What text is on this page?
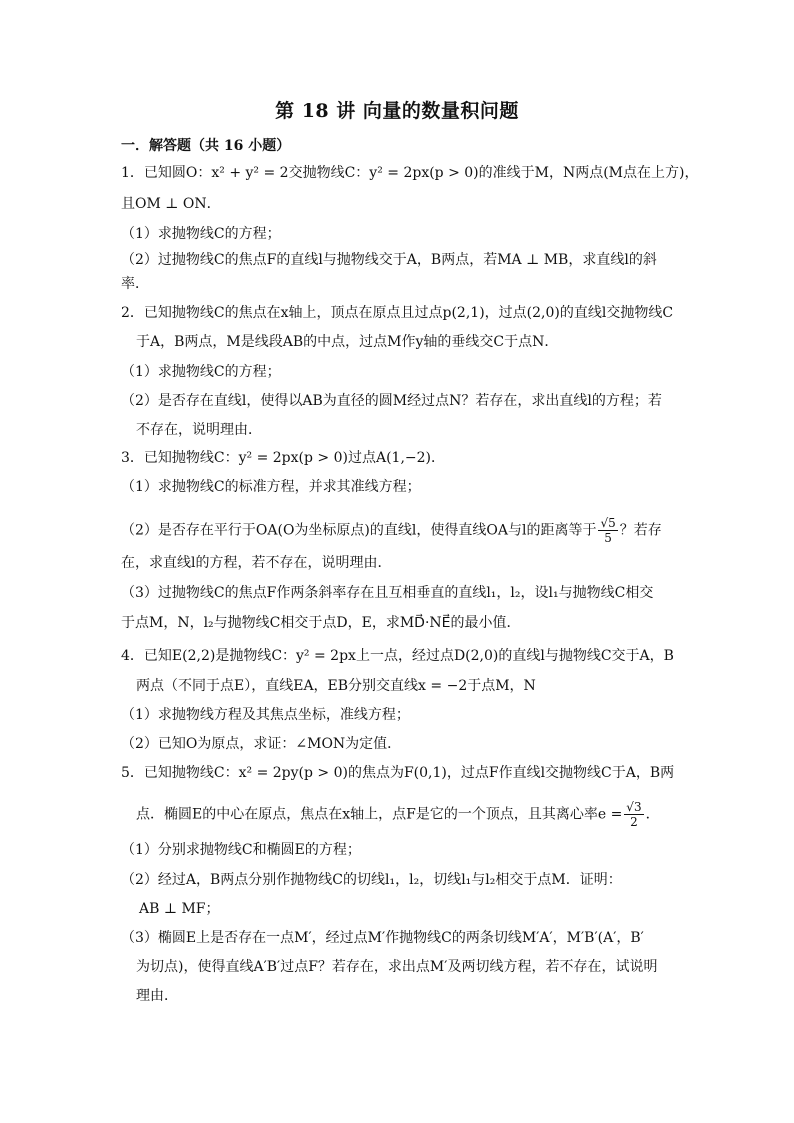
第 18 讲 向量的数量积问题
一．解答题（共 16 小题）
1．已知圆O：x² + y² = 2交抛物线C：y² = 2px(p > 0)的准线于M，N两点(M点在上方)，
且OM ⊥ ON．
（1）求抛物线C的方程；
（2）过抛物线C的焦点F的直线l与抛物线交于A，B两点，若MA ⊥ MB，求直线l的斜
率．
2．已知抛物线C的焦点在x轴上，顶点在原点且过点p(2,1)，过点(2,0)的直线l交抛物线C
于A，B两点，M是线段AB的中点，过点M作y轴的垂线交C于点N．
（1）求抛物线C的方程；
（2）是否存在直线l，使得以AB为直径的圆M经过点N？若存在，求出直线l的方程；若
不存在，说明理由．
3．已知抛物线C：y² = 2px(p > 0)过点A(1,−2)．
（1）求抛物线C的标准方程，并求其准线方程；
（2）是否存在平行于OA(O为坐标原点)的直线l，使得直线OA与l的距离等于 $\frac{√5}{5}$ ？若存
在，求直线l的方程，若不存在，说明理由．
（3）过抛物线C的焦点F作两条斜率存在且互相垂直的直线l₁，l₂，设l₁与抛物线C相交
于点M，N，l₂与抛物线C相交于点D，E，求MD⃗·NE⃗的最小值．
4．已知E(2,2)是抛物线C：y² = 2px上一点，经过点D(2,0)的直线l与抛物线C交于A，B
两点（不同于点E），直线EA，EB分别交直线x = −2于点M，N
（1）求抛物线方程及其焦点坐标，准线方程；
（2）已知O为原点，求证：∠MON为定值．
5．已知抛物线C：x² = 2py(p > 0)的焦点为F(0,1)，过点F作直线l交抛物线C于A，B两
点．椭圆E的中心在原点，焦点在x轴上，点F是它的一个顶点，且其离心率$e = \frac{√3}{2}$ ．
（1）分别求抛物线C和椭圆E的方程；
（2）经过A，B两点分别作抛物线C的切线l₁，l₂，切线l₁与l₂相交于点M．证明：
AB ⊥ MF；
（3）椭圆E上是否存在一点M′，经过点M′作抛物线C的两条切线M′A′，M′B′(A′，B′
为切点)，使得直线A′B′过点F？若存在，求出点M′及两切线方程，若不存在，试说明
理由．
